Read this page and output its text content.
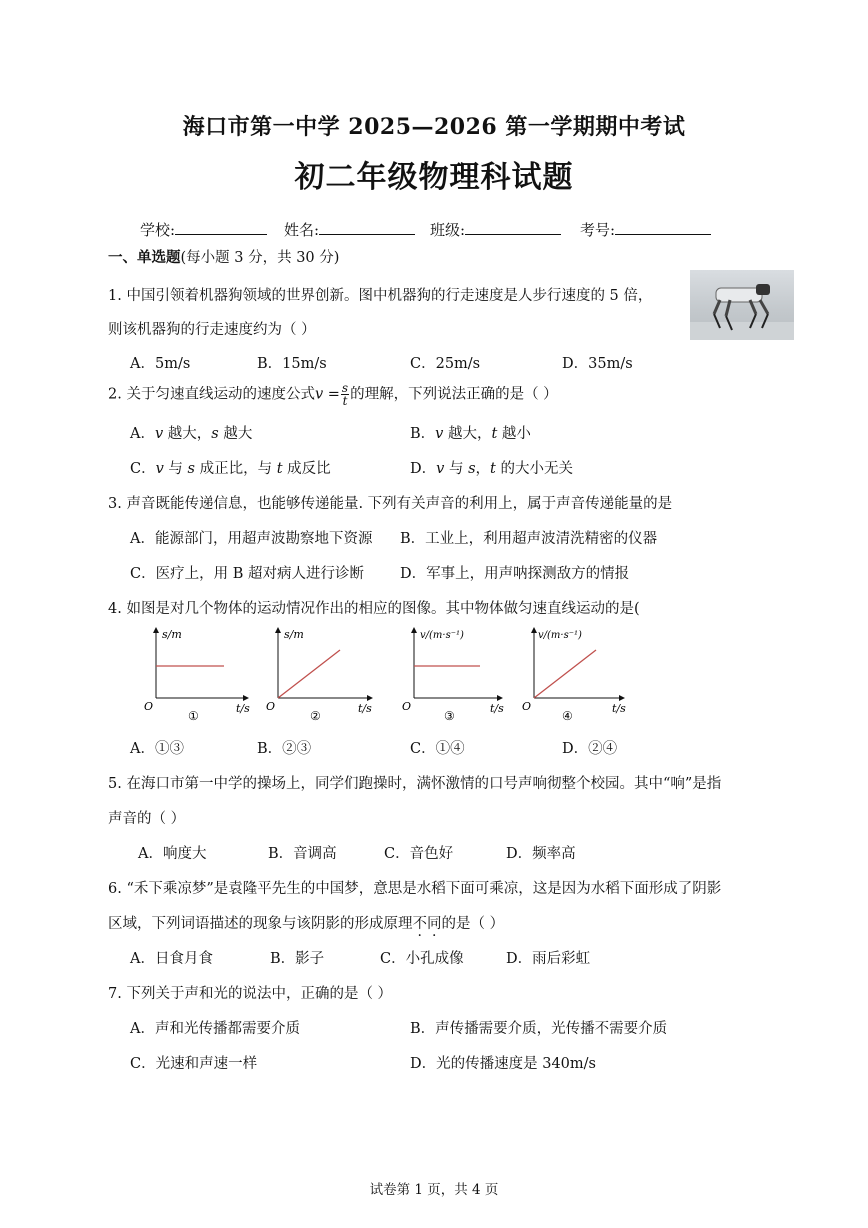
海口市第一中学 2025—2026 第一学期期中考试
初二年级物理科试题
学校:	姓名:	班级:	考号:
一、单选题(每小题 3 分，共 30 分)
1. 中国引领着机器狗领域的世界创新。图中机器狗的行走速度是人步行速度的 5 倍，
则该机器狗的行走速度约为（ ）
A．5m/s	B．15m/s	C．25m/s	D．35m/s
2. 关于匀速直线运动的速度公式$v = \frac{s}{t}$ 的理解，下列说法正确的是（ ）
A．v 越大，s 越大	B．v 越大，t 越小
C．v 与 s 成正比，与 t 成反比	D．v 与 s，t 的大小无关
3. 声音既能传递信息，也能够传递能量. 下列有关声音的利用上，属于声音传递能量的是
A．能源部门，用超声波勘察地下资源 B．工业上，利用超声波清洗精密的仪器
C．医疗上，用 B 超对病人进行诊断 D．军事上，用声呐探测敌方的情报
4. 如图是对几个物体的运动情况作出的相应的图像。其中物体做匀速直线运动的是(
s/m
O	t/s
①
s/m
O	t/s
②
v/(m·s⁻¹)
O	t/s
③
v/(m·s⁻¹)
O	t/s
④
A．①③	B．②③	C．①④	D．②④
5. 在海口市第一中学的操场上，同学们跑操时，满怀激情的口号声响彻整个校园。其中“响”是指
声音的（ ）
A．响度大	B．音调高	C．音色好	D．频率高
6. “禾下乘凉梦”是袁隆平先生的中国梦，意思是水稻下面可乘凉，这是因为水稻下面形成了阴影
区域，下列词语描述的现象与该阴影的形成原理不同的是（ ）
A．日食月食	B．影子	C．小孔成像	D．雨后彩虹
7. 下列关于声和光的说法中，正确的是（ ）
A．声和光传播都需要介质	B．声传播需要介质，光传播不需要介质
C．光速和声速一样	D．光的传播速度是 340m/s
试卷第 1 页，共 4 页
